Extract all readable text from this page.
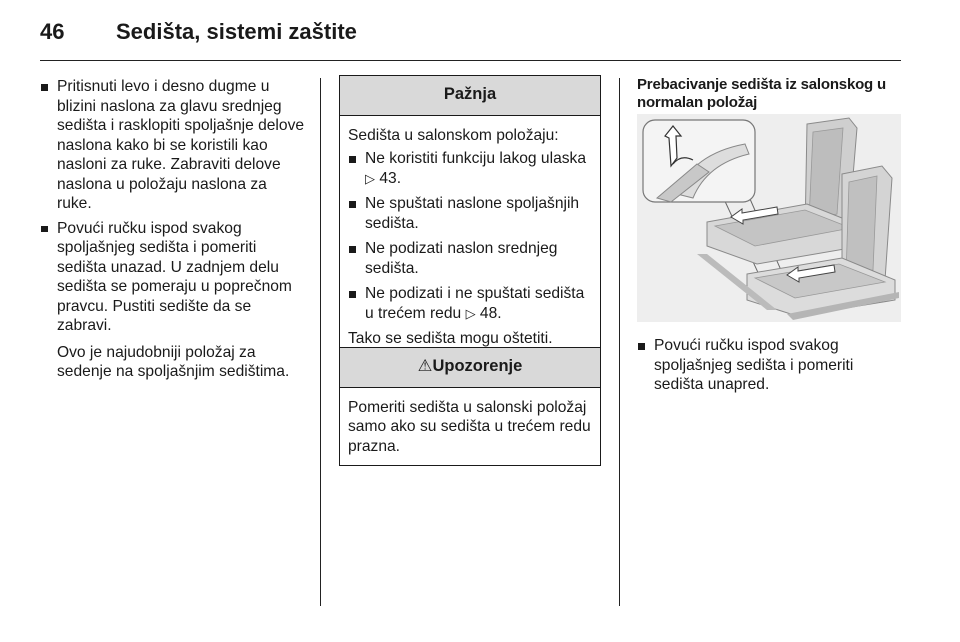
46 Sedišta, sistemi zaštite
Pritisnuti levo i desno dugme u blizini naslona za glavu srednjeg sedišta i rasklopiti spoljašnje delove naslona kako bi se koristili kao nasloni za ruke. Zabraviti delove naslona u položaju naslona za ruke.
Povući ručku ispod svakog spoljašnjeg sedišta i pomeriti sedišta unazad. U zadnjem delu sedišta se pomeraju u poprečnom pravcu. Pustiti sedište da se zabravi.

Ovo je najudobniji položaj za sedenje na spoljašnjim sedištima.

Pažnja

Sedišta u salonskom položaju:

Ne koristiti funkciju lakog ulaska
▷ 43.
Ne spuštati naslone spoljašnjih sedišta.
Ne podizati naslon srednjeg sedišta.
Ne podizati i ne spuštati sedišta u trećem redu ▷ 48.

Tako se sedišta mogu oštetiti.

⚠Upozorenje

Pomeriti sedišta u salonski položaj samo ako su sedišta u trećem redu prazna.

Prebacivanje sedišta iz salonskog u normalan položaj
Povući ručku ispod svakog spoljašnjeg sedišta i pomeriti sedišta unapred.
